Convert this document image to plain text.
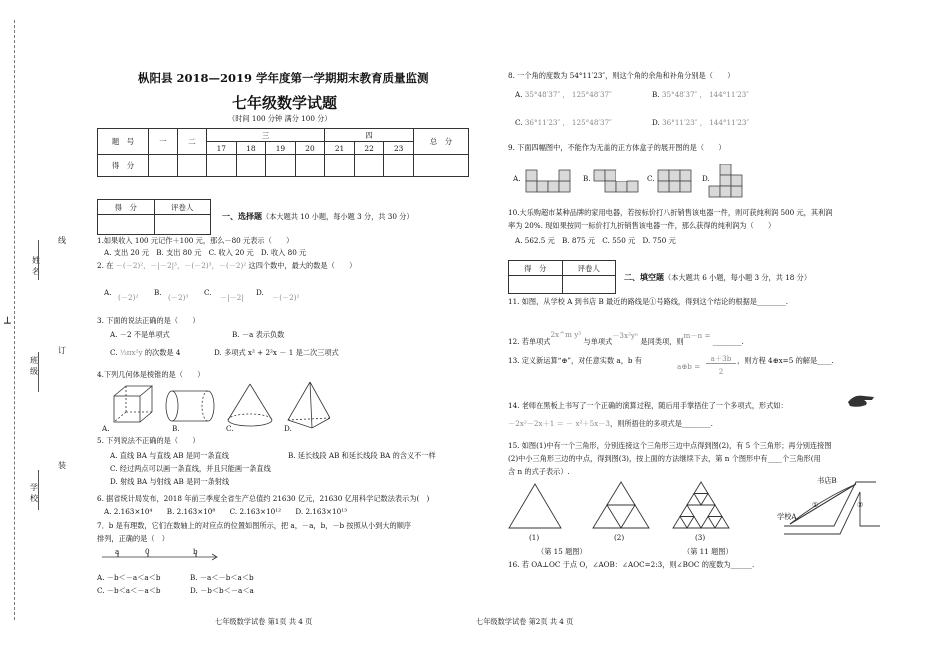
┴
姓名
班级
学校
线
订
装
枞阳县 2018—2019 学年度第一学期期末教育质量监测
七年级数学试题
（时间 100 分钟 满分 100 分）
题　号	一	二	三				四			总　分
			17	18	19	20	21	22	23	
得　分										
得　分	评卷人

一、选择题（本大题共 10 小题，每小题 3 分，共 30 分）
1.如果收入 100 元记作＋100 元，那么－80 元表示（　　）
A. 支出 20 元　 B. 支出 80 元　 C. 收入 20 元　 D. 收入 80 元
2. 在 －(－2)²，－|－2|³，－(－2)³，－(－2)² 这四个数中，最大的数是（　　）
A.
(－2)²
B.
(－2)³
C.
－|－2|
D.
－(－2)²
3. 下面的说法正确的是（　　）
A. －2 不是单项式	B. －a 表示负数
C. ⅓πx²y 的次数是 4	D. 多项式 x² + 2²x － 1 是二次三项式
4.下列几何体是棱锥的是（　　）
A.	B.	C.	D.
5. 下列说法不正确的是（　　）
A. 直线 BA 与直线 AB 是同一条直线	B. 延长线段 AB 和延长线段 BA 的含义不一样
C. 经过两点可以画一条直线，并且只能画一条直线
D. 射线 BA 与射线 AB 是同一条射线
6. 据省统计局发布，2018 年前三季度全省生产总值约 21630 亿元，21630 亿用科学记数法表示为(　)
A. 2.163×10⁴　　 B. 2.163×10⁸　　 C. 2.163×10¹²　　 D. 2.163×10¹³
7．b 是有理数，它们在数轴上的对应点的位置如图所示，把 a，－a，b，－b 按照从小到大的顺序
排列，正确的是（　）
a	0	b
A. －b＜－a＜a＜b	B. －a＜－b＜a＜b
C. －b＜a＜－a＜b	D. －b＜b＜－a＜a
七年级数学试卷 第1页 共 4 页
8. 一个角的度数为 54°11′23″，则这个角的余角和补角分别是（　　）
A. 35°48′37″ ， 125°48′37″	B. 35°48′37″ ， 144°11′23″
C. 36°11′23″ ， 125°48′37″	D. 36°11′23″ ， 144°11′23″
9. 下面四幅图中，不能作为无盖的正方体盒子的展开图的是（　　）
A.	B.	C.	D.
10.大乐购超市某种品牌的家用电器，若按标价打八折销售该电器一件，则可获纯利润 500 元，其利润
率为 20%. 现如果按同一标价打九折销售该电器一件，那么获得的纯利润为（　　）
A. 562.5 元　 B. 875 元　 C. 550 元　 D. 750 元
得　分	评卷人

二、填空题（本大题共 6 小题，每小题 3 分，共 18 分）
11. 如图，从学校 A 到书店 B 最近的路线是①号路线，得到这个结论的根据是________.
12. 若单项式2x^m y³ 与单项式－3x²yⁿ 是同类项，则m－n = ________.
13. 定义新运算“⊕”，对任意实数 a，b 有
a⊕b =
a＋3b
2
，则方程 4⊕x=5 的解是____.
14. 老师在黑板上书写了一个正确的演算过程，随后用手掌捂住了一个多项式，形式如：
－2x²－2x＋1 ＝ － x²＋5x－3，则所捂住的多项式是________.
15. 如图(1)中有一个三角形，分别连接这个三角形三边中点得到图(2)，有 5 个三角形；再分别连接图
(2)中小三角形三边的中点，得到图(3)，按上面的方法继续下去，第 n 个图形中有____个三角形(用
含 n 的式子表示）.
(1)	(2)	(3)
（第 15 题图）	（第 11 题图）
书店B
学校A
①	②
16. 若 OA⊥OC 于点 O，∠AOB：∠AOC=2:3，则∠BOC 的度数为______.
七年级数学试卷 第2页 共 4 页
